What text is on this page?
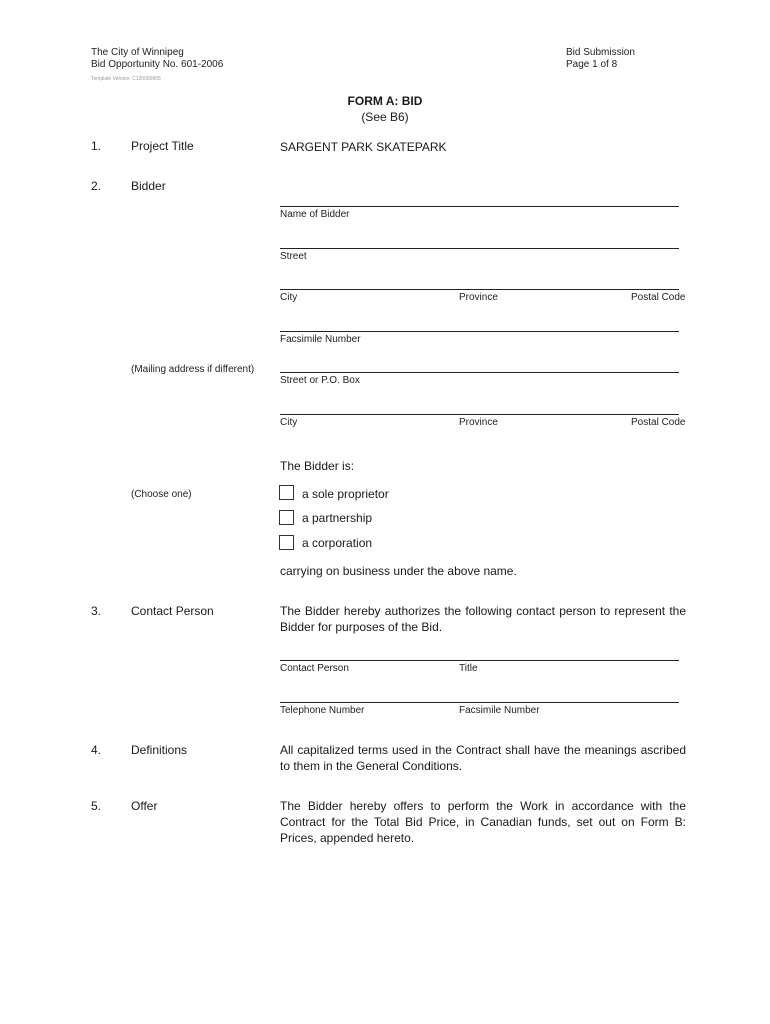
The City of Winnipeg
Bid Opportunity No. 601-2006
Template Version: C120050905
Bid Submission
Page 1 of 8
FORM A: BID
(See B6)
1. Project Title	SARGENT PARK SKATEPARK
2. Bidder
Name of Bidder
Street
City	Province	Postal Code
Facsimile Number
(Mailing address if different)
Street or P.O. Box
City	Province	Postal Code
The Bidder is:
(Choose one)	a sole proprietor
a partnership
a corporation
carrying on business under the above name.
3. Contact Person	The Bidder hereby authorizes the following contact person to represent the Bidder for purposes of the Bid.
Contact Person	Title
Telephone Number	Facsimile Number
4. Definitions	All capitalized terms used in the Contract shall have the meanings ascribed to them in the General Conditions.
5. Offer	The Bidder hereby offers to perform the Work in accordance with the Contract for the Total Bid Price, in Canadian funds, set out on Form B: Prices, appended hereto.
